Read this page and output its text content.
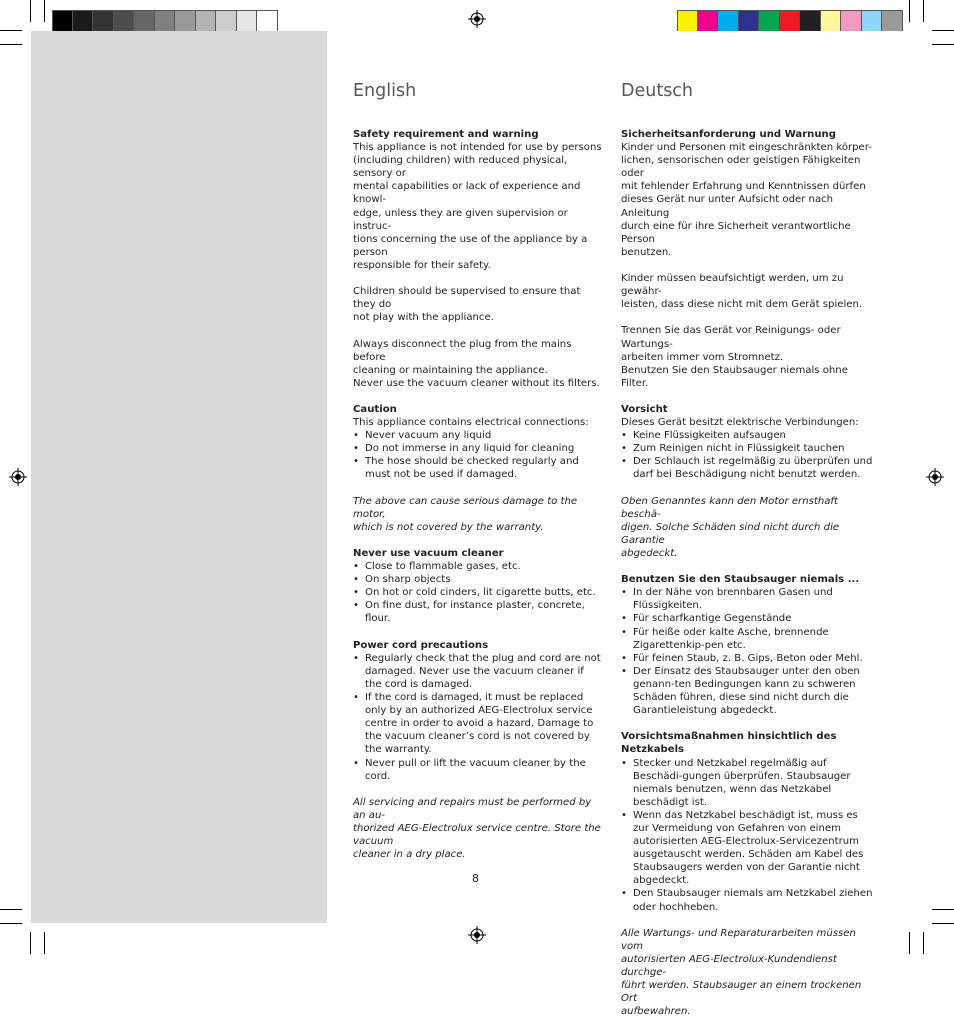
English
Safety requirement and warning
This appliance is not intended for use by persons
(including children) with reduced physical, sensory or
mental capabilities or lack of experience and knowl-
edge, unless they are given supervision or instruc-
tions concerning the use of the appliance by a person
responsible for their safety.
Children should be supervised to ensure that they do
not play with the appliance.
Always disconnect the plug from the mains before
cleaning or maintaining the appliance.
Never use the vacuum cleaner without its filters.
Caution
This appliance contains electrical connections:
• Never vacuum any liquid
• Do not immerse in any liquid for cleaning
• The hose should be checked regularly and must not be used if damaged.
The above can cause serious damage to the motor,
which is not covered by the warranty.
Never use vacuum cleaner
• Close to flammable gases, etc.
• On sharp objects
• On hot or cold cinders, lit cigarette butts, etc.
• On fine dust, for instance plaster, concrete, flour.
Power cord precautions
• Regularly check that the plug and cord are not damaged. Never use the vacuum cleaner if the cord is damaged.
• If the cord is damaged, it must be replaced only by an authorized AEG-Electrolux service centre in order to avoid a hazard. Damage to the vacuum cleaner’s cord is not covered by the warranty.
• Never pull or lift the vacuum cleaner by the cord.
All servicing and repairs must be performed by an au-
thorized AEG-Electrolux service centre. Store the vacuum
cleaner in a dry place.
Deutsch
Sicherheitsanforderung und Warnung
Kinder und Personen mit eingeschränkten körper-
lichen, sensorischen oder geistigen Fähigkeiten oder
mit fehlender Erfahrung und Kenntnissen dürfen
dieses Gerät nur unter Aufsicht oder nach Anleitung
durch eine für ihre Sicherheit verantwortliche Person
benutzen.
Kinder müssen beaufsichtigt werden, um zu gewähr-
leisten, dass diese nicht mit dem Gerät spielen.
Trennen Sie das Gerät vor Reinigungs- oder Wartungs-
arbeiten immer vom Stromnetz.
Benutzen Sie den Staubsauger niemals ohne Filter.
Vorsicht
Dieses Gerät besitzt elektrische Verbindungen:
• Keine Flüssigkeiten aufsaugen
• Zum Reinigen nicht in Flüssigkeit tauchen
• Der Schlauch ist regelmäßig zu überprüfen und darf bei Beschädigung nicht benutzt werden.
Oben Genanntes kann den Motor ernsthaft beschä-
digen. Solche Schäden sind nicht durch die Garantie
abgedeckt.
Benutzen Sie den Staubsauger niemals ...
• In der Nähe von brennbaren Gasen und Flüssigkeiten.
• Für scharfkantige Gegenstände
• Für heiße oder kalte Asche, brennende Zigarettenkip-pen etc.
• Für feinen Staub, z. B. Gips, Beton oder Mehl.
• Der Einsatz des Staubsauger unter den oben genann-ten Bedingungen kann zu schweren Schäden führen, diese sind nicht durch die Garantieleistung abgedeckt.
Vorsichtsmaßnahmen hinsichtlich des Netzkabels
• Stecker und Netzkabel regelmäßig auf Beschädi-gungen überprüfen. Staubsauger niemals benutzen, wenn das Netzkabel beschädigt ist.
• Wenn das Netzkabel beschädigt ist, muss es zur Vermeidung von Gefahren von einem autorisierten AEG-Electrolux-Servicezentrum ausgetauscht werden. Schäden am Kabel des Staubsaugers werden von der Garantie nicht abgedeckt.
• Den Staubsauger niemals am Netzkabel ziehen oder hochheben.
Alle Wartungs- und Reparaturarbeiten müssen vom
autorisierten AEG-Electrolux-Kundendienst durchge-
führt werden. Staubsauger an einem trockenen Ort
aufbewahren.
8
